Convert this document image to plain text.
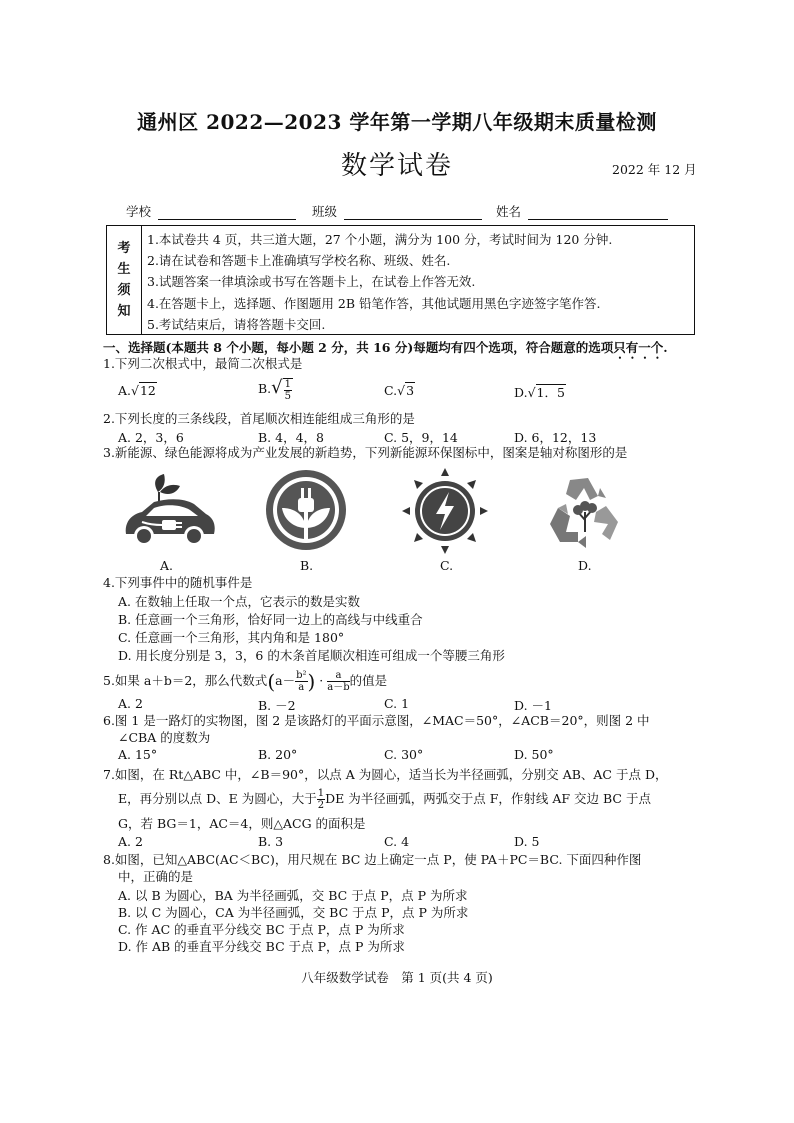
通州区 2022—2023 学年第一学期八年级期末质量检测
数学试卷	2022 年 12 月
学校	班级	姓名
考
生
须
知
1.本试卷共 4 页，共三道大题，27 个小题，满分为 100 分，考试时间为 120 分钟.
2.请在试卷和答题卡上准确填写学校名称、班级、姓名.
3.试题答案一律填涂或书写在答题卡上，在试卷上作答无效.
4.在答题卡上，选择题、作图题用 2B 铅笔作答，其他试题用黑色字迹签字笔作答.
5.考试结束后，请将答题卡交回.
一、选择题(本题共 8 个小题，每小题 2 分，共 16 分)每题均有四个选项，符合题意的选项只有一个.
1.下列二次根式中，最简二次根式是
A.√12	$B.√ \frac{1}{5}$	C.√3	D.√1．5
2.下列长度的三条线段，首尾顺次相连能组成三角形的是
A. 2，3，6	B. 4，4，8	C. 5，9，14	D. 6，12，13
3.新能源、绿色能源将成为产业发展的新趋势，下列新能源环保图标中，图案是轴对称图形的是
A.	B.	C.	D.
4.下列事件中的随机事件是
A. 在数轴上任取一个点，它表示的数是实数
B. 任意画一个三角形，恰好同一边上的高线与中线重合
C. 任意画一个三角形，其内角和是 180°
D. 用长度分别是 3，3，6 的木条首尾顺次相连可组成一个等腰三角形
5.如果 a＋b＝2，那么代数式($a- \frac{\text{b²}}{a}$ ) · $\frac{a}{a-b}$ 的值是
A. 2	B. －2	C. 1	D. －1
6.图 1 是一路灯的实物图，图 2 是该路灯的平面示意图，∠MAC＝50°，∠ACB＝20°，则图 2 中
∠CBA 的度数为
A. 15°	B. 20°	C. 30°	D. 50°
7.如图，在 Rt△ABC 中，∠B＝90°，以点 A 为圆心，适当长为半径画弧，分别交 AB、AC 于点 D，
E，再分别以点 D、E 为圆心，大于 $\frac{1}{2}$ DE 为半径画弧，两弧交于点 F，作射线 AF 交边 BC 于点
G，若 BG＝1，AC＝4，则△ACG 的面积是
A. 2	B. 3	C. 4	D. 5
8.如图，已知△ABC(AC＜BC)，用尺规在 BC 边上确定一点 P，使 PA＋PC＝BC. 下面四种作图
中，正确的是
A. 以 B 为圆心，BA 为半径画弧，交 BC 于点 P，点 P 为所求
B. 以 C 为圆心，CA 为半径画弧，交 BC 于点 P，点 P 为所求
C. 作 AC 的垂直平分线交 BC 于点 P，点 P 为所求
D. 作 AB 的垂直平分线交 BC 于点 P，点 P 为所求
八年级数学试卷　第 1 页(共 4 页)
